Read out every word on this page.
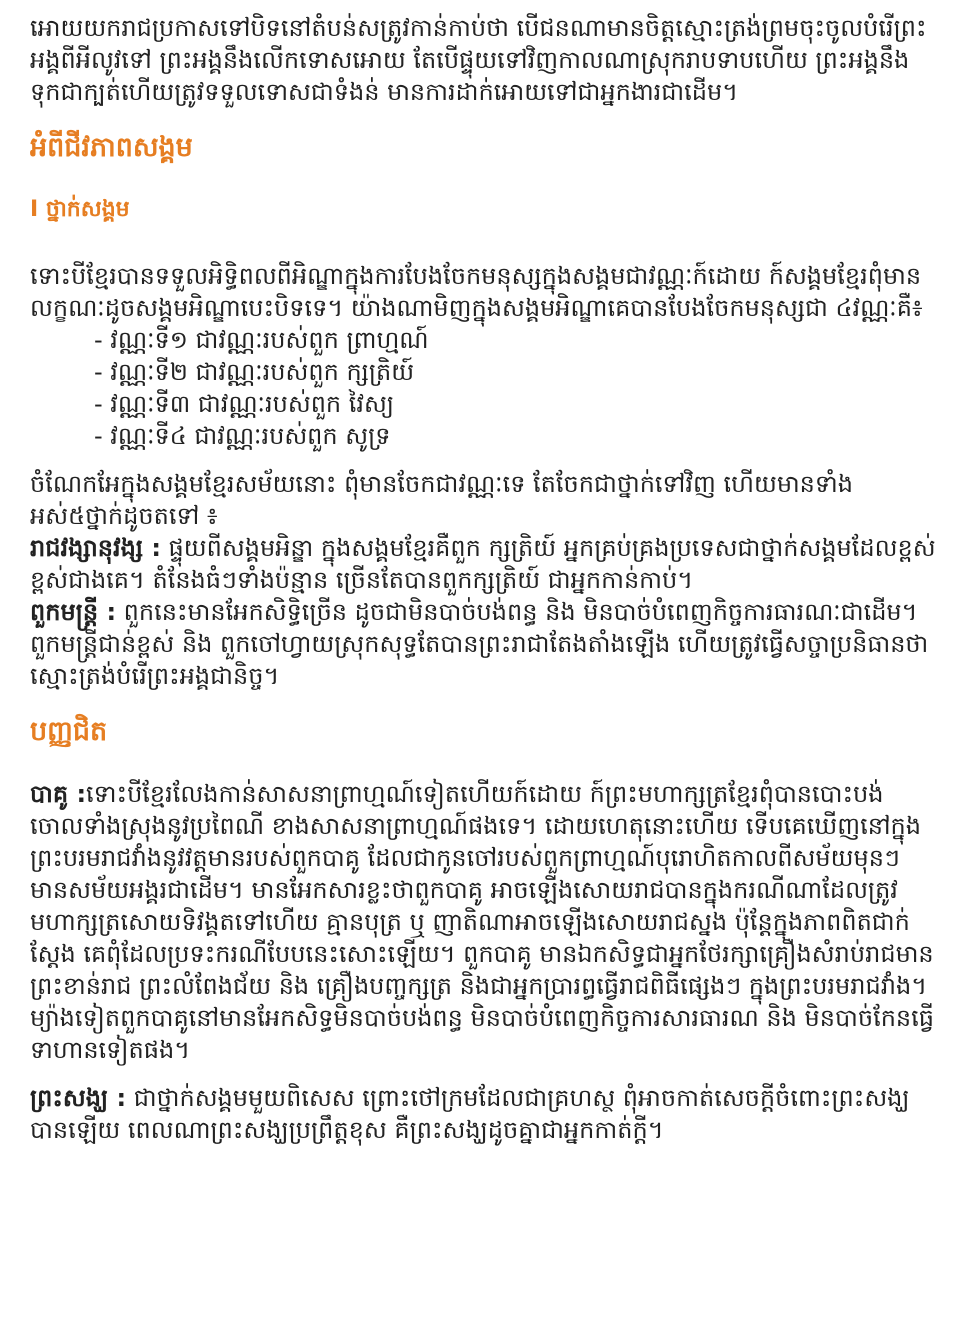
អោយយករាជប្រកាសទៅបិទនៅតំបន់សត្រូវកាន់កាប់ថា បើជនណាមានចិត្តស្មោះត្រង់ព្រមចុះចូលបំរើព្រះអង្គពីអីលូវទៅ ព្រះអង្គនឹងលើកទោសអោយ តែបើផ្ទុយទៅវិញកាលណាស្រុករាបទាបហើយ ព្រះអង្គនឹងទុកជាក្បត់ហើយត្រូវទទួលទោសជាទំងន់ មានការដាក់អោយទៅជាអ្នកងារជាដើម។

អំពីជីវភាពសង្គម
I ថ្នាក់សង្គម

ទោះបីខ្មែរបានទទួលអិទ្ធិពលពីអិណ្ឌាក្នុងការបែងចែកមនុស្សក្នុងសង្គមជាវណ្ណៈក៍ដោយ ក៍សង្គមខ្មែរពុំមានលក្ខណៈដូចសង្គមអិណ្ឌាបេះបិទទេ។ យ៉ាងណាមិញក្នុងសង្គមអិណ្ឌាគេបានបែងចែកមនុស្សជា ៤វណ្ណៈគឺ៖

- វណ្ណៈទី១ ជាវណ្ណៈរបស់ពួក ព្រាហ្មណ៍
- វណ្ណៈទី២ ជាវណ្ណៈរបស់ពួក ក្សត្រិយ៍
- វណ្ណៈទី៣ ជាវណ្ណៈរបស់ពួក វៃស្យ
- វណ្ណៈទី៤ ជាវណ្ណៈរបស់ពួក សូទ្រ

ចំណែកអែក្នុងសង្គមខ្មែរសម័យនោះ ពុំមានចែកជាវណ្ណៈទេ តែចែកជាថ្នាក់ទៅវិញ ហើយមានទាំងអស់៥ថ្នាក់ដូចតទៅ ៖

រាជវង្សានុវង្ស : ផ្ទុយពីសង្គមអិន្ឌា ក្នុងសង្គមខ្មែរគឺពួក ក្សត្រិយ៍ អ្នកគ្រប់គ្រងប្រទេសជាថ្នាក់សង្គមដែលខ្ពស់ខ្ពស់ជាងគេ។ តំនែងធំៗទាំងប៉ន្មាន ច្រើនតែបានពួកក្សត្រិយ៍ ជាអ្នកកាន់កាប់។

ពួកមន្ត្រី : ពួកនេះមានអែកសិទ្ធិច្រើន ដូចជាមិនបាច់បង់ពន្ធ និង មិនបាច់បំពេញកិច្ចការធារណៈជាដើម។ ពួកមន្ត្រីជាន់ខ្ពស់ និង ពួកចៅហ្វាយស្រុកសុទ្ធតែបានព្រះរាជាតែងតាំងឡើង ហើយត្រូវធ្វើសច្ចាប្រនិធានថាស្មោះត្រង់បំរើព្រះអង្គជានិច្ច។

បញ្ញជិត

បាគូ :ទោះបីខ្មែរលែងកាន់សាសនាព្រាហ្មណ៍ទៀតហើយក៍ដោយ ក៍ព្រះមហាក្សត្រខ្មែរពុំបានបោះបង់ចោលទាំងស្រុងនូវប្រពៃណី ខាងសាសនាព្រាហ្មណ៍ផងទេ។ ដោយហេតុនោះហើយ ទើបគេឃើញនៅក្នុងព្រះបរមរាជវាំងនូវវត្តមានរបស់ពួកបាគូ ដែលជាកូនចៅរបស់ពួកព្រាហ្មណ៍បុរោហិតកាលពីសម័យមុនៗ មានសម័យអង្គរជាដើម។ មានអែកសារខ្លះថាពួកបាគូ អាចឡើងសោយរាជបានក្នុងករណីណាដែលត្រូវមហាក្សត្រសោយទិវង្គតទៅហើយ គ្មានបុត្រ ឬ ញាតិណាអាចឡើងសោយរាជស្នង ប៉ុន្តែក្នុងភាពពិតជាក់ស្តែង គេពុំដែលប្រទះករណីបែបនេះសោះឡើយ។ ពួកបាគូ មានឯកសិទ្ធជាអ្នកថែរក្សាគ្រឿងសំរាប់រាជមានព្រះខាន់រាជ ព្រះលំពែងជ័យ និង គ្រឿងបញ្ចក្សត្រ និងជាអ្នកប្រារព្ធធ្វើរាជពិធីផ្សេងៗ ក្នុងព្រះបរមរាជវាំង។ ម្យ៉ាងទៀតពួកបាគូនៅមានអែកសិទ្ធមិនបាច់បង់ពន្ធ មិនបាច់បំពេញកិច្ចការសារធារណ និង មិនបាច់កែនធ្វើទាហានទៀតផង។

ព្រះសង្ឃ : ជាថ្នាក់សង្គមមួយពិសេស ព្រោះថៅក្រមដែលជាគ្រហស្ថ ពុំអាចកាត់សេចក្តីចំពោះព្រះសង្ឃបានឡើយ ពេលណាព្រះសង្ឃប្រព្រឹត្តខុស គឺព្រះសង្ឃដូចគ្នាជាអ្នកកាត់ក្តី។
